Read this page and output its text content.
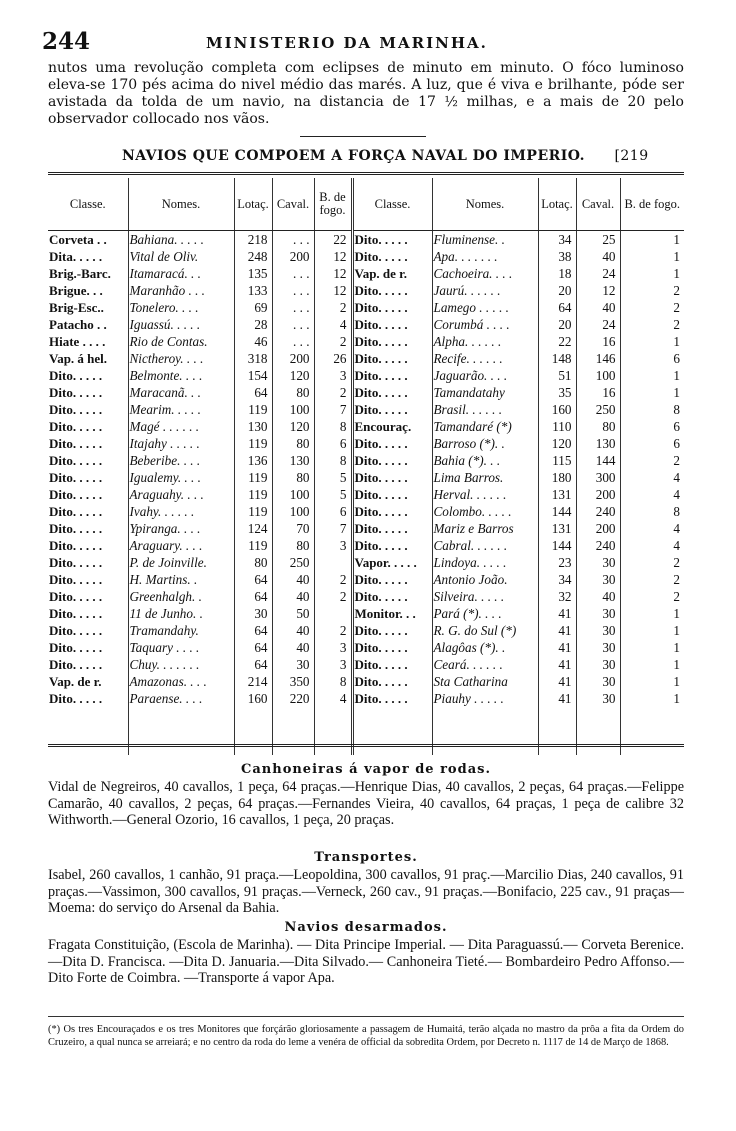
244	MINISTERIO DA MARINHA.

nutos uma revolução completa com eclipses de minuto em minuto. O fóco luminoso eleva-se 170 pés acima do nivel médio das marés. A luz, que é viva e brilhante, póde ser avistada da tolda de um navio, na distancia de 17 ½ milhas, e a mais de 20 pelo observador collocado nos vãos.

NAVIOS QUE COMPOEM A FORÇA NAVAL DO IMPERIO. [219
Classe.	Nomes.	Lotaç.	Caval.	B. de fogo.	Classe.	Nomes.	Lotaç.	Caval.	B. de fogo.
Corveta . .	Bahiana. . . . .	218	. . .	22	Dito. . . . .	Fluminense. .	34	25	1
Dita. . . . .	Vital de Oliv.	248	200	12	Dito. . . . .	Apa. . . . . . .	38	40	1
Brig.-Barc.	Itamaracá. . .	135	. . .	12	Vap. de r.	Cachoeira. . . .	18	24	1
Brigue. . .	Maranhão . . .	133	. . .	12	Dito. . . . .	Jaurú. . . . . .	20	12	2
Brig-Esc..	Tonelero. . . .	69	. . .	2	Dito. . . . .	Lamego . . . . .	64	40	2
Patacho . .	Iguassú. . . . .	28	. . .	4	Dito. . . . .	Corumbá . . . .	20	24	2
Hiate . . . .	Rio de Contas.	46	. . .	2	Dito. . . . .	Alpha. . . . . .	22	16	1
Vap. á hel.	Nictheroy. . . .	318	200	26	Dito. . . . .	Recife. . . . . .	148	146	6
Dito. . . . .	Belmonte. . . .	154	120	3	Dito. . . . .	Jaguarão. . . .	51	100	1
Dito. . . . .	Maracanã. . .	64	80	2	Dito. . . . .	Tamandatahy	35	16	1
Dito. . . . .	Mearim. . . . .	119	100	7	Dito. . . . .	Brasil. . . . . .	160	250	8
Dito. . . . .	Magé . . . . . .	130	120	8	Encouraç.	Tamandaré (*)	110	80	6
Dito. . . . .	Itajahy . . . . .	119	80	6	Dito. . . . .	Barroso (*). .	120	130	6
Dito. . . . .	Beberibe. . . .	136	130	8	Dito. . . . .	Bahia (*). . .	115	144	2
Dito. . . . .	Igualemy. . . .	119	80	5	Dito. . . . .	Lima Barros.	180	300	4
Dito. . . . .	Araguahy. . . .	119	100	5	Dito. . . . .	Herval. . . . . .	131	200	4
Dito. . . . .	Ivahy. . . . . .	119	100	6	Dito. . . . .	Colombo. . . . .	144	240	8
Dito. . . . .	Ypiranga. . . .	124	70	7	Dito. . . . .	Mariz e Barros	131	200	4
Dito. . . . .	Araguary. . . .	119	80	3	Dito. . . . .	Cabral. . . . . .	144	240	4
Dito. . . . .	P. de Joinville.	80	250		Vapor. . . . .	Lindoya. . . . .	23	30	2
Dito. . . . .	H. Martins. .	64	40	2	Dito. . . . .	Antonio João.	34	30	2
Dito. . . . .	Greenhalgh. .	64	40	2	Dito. . . . .	Silveira. . . . .	32	40	2
Dito. . . . .	11 de Junho. .	30	50		Monitor. . .	Pará (*). . . .	41	30	1
Dito. . . . .	Tramandahy.	64	40	2	Dito. . . . .	R. G. do Sul (*)	41	30	1
Dito. . . . .	Taquary . . . .	64	40	3	Dito. . . . .	Alagôas (*). .	41	30	1
Dito. . . . .	Chuy. . . . . . .	64	30	3	Dito. . . . .	Ceará. . . . . .	41	30	1
Vap. de r.	Amazonas. . . .	214	350	8	Dito. . . . .	Sta Catharina	41	30	1
Dito. . . . .	Paraense. . . .	160	220	4	Dito. . . . .	Piauhy . . . . .	41	30	1

Canhoneiras á vapor de rodas.

Vidal de Negreiros, 40 cavallos, 1 peça, 64 praças.—Henrique Dias, 40 cavallos, 2 peças, 64 praças.—Felippe Camarão, 40 cavallos, 2 peças, 64 praças.—Fernandes Vieira, 40 cavallos, 64 praças, 1 peça de calibre 32 Withworth.—General Ozorio, 16 cavallos, 1 peça, 20 praças.

Transportes.

Isabel, 260 cavallos, 1 canhão, 91 praça.—Leopoldina, 300 cavallos, 91 praç.—Marcilio Dias, 240 cavallos, 91 praças.—Vassimon, 300 cavallos, 91 praças.—Verneck, 260 cav., 91 praças.—Bonifacio, 225 cav., 91 praças—Moema: do serviço do Arsenal da Bahia.

Navios desarmados.

Fragata Constituição, (Escola de Marinha). — Dita Principe Imperial. — Dita Paraguassú.— Corveta Berenice.—Dita D. Francisca. —Dita D. Januaria.—Dita Silvado.— Canhoneira Tieté.— Bombardeiro Pedro Affonso.—Dito Forte de Coimbra. —Transporte á vapor Apa.

(*) Os tres Encouraçados e os tres Monitores que forçárão gloriosamente a passagem de Humaitá, terão alçada no mastro da prôa a fita da Ordem do Cruzeiro, a qual nunca se arreiará; e no centro da roda do leme a venéra de official da sobredita Ordem, por Decreto n. 1117 de 14 de Março de 1868.
